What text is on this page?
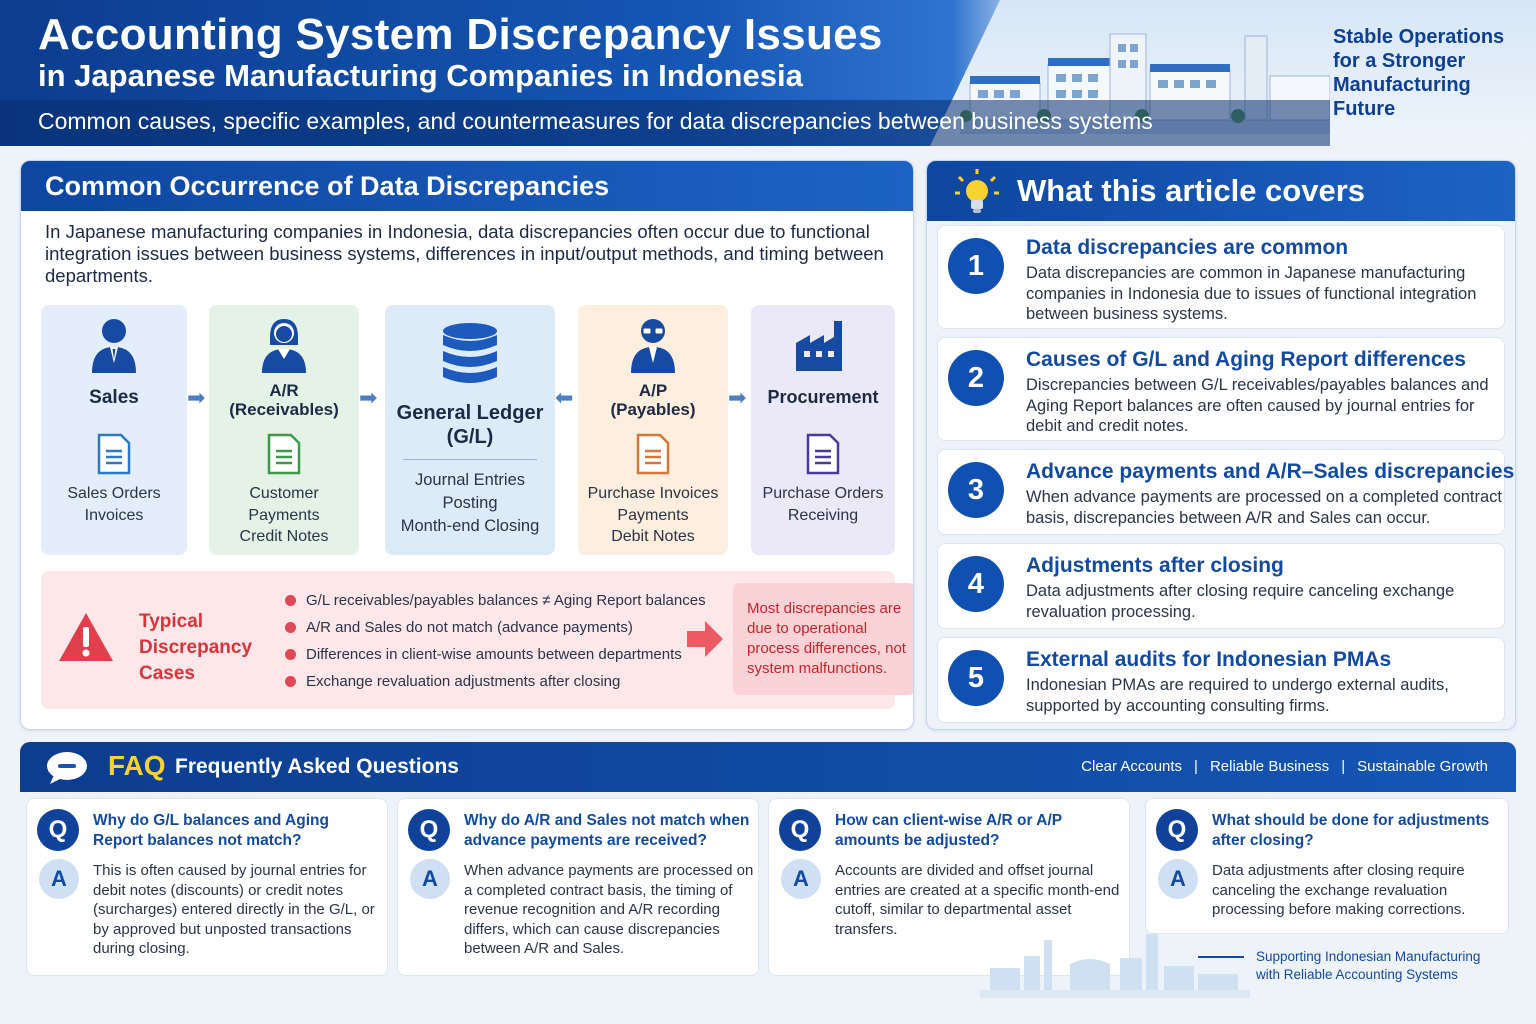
Accounting System Discrepancy Issues
in Japanese Manufacturing Companies in Indonesia
Common causes, specific examples, and countermeasures for data discrepancies between business systems
Stable Operations for a Stronger Manufacturing Future
Common Occurrence of Data Discrepancies
In Japanese manufacturing companies in Indonesia, data discrepancies often occur due to functional integration issues between business systems, differences in input/output methods, and timing between departments.
Sales
Sales Orders
Invoices
➡	A/R
(Receivables)
Customer
Payments
Credit Notes
➡
General Ledger
(G/L)
Journal Entries
Posting
Month-end Closing
⬅	A/P
(Payables)
Purchase Invoices
Payments
Debit Notes
➡	Procurement
Purchase Orders
Receiving
Typical Discrepancy Cases
G/L receivables/payables balances ≠ Aging Report balances
A/R and Sales do not match (advance payments)
Differences in client-wise amounts between departments
Exchange revaluation adjustments after closing
Most discrepancies are due to operational process differences, not system malfunctions.
What this article covers
1
Data discrepancies are common
Data discrepancies are common in Japanese manufacturing companies in Indonesia due to issues of functional integration between business systems.
2
Causes of G/L and Aging Report differences
Discrepancies between G/L receivables/payables balances and Aging Report balances are often caused by journal entries for debit and credit notes.
3
Advance payments and A/R–Sales discrepancies
When advance payments are processed on a completed contract basis, discrepancies between A/R and Sales can occur.
4
Adjustments after closing
Data adjustments after closing require canceling exchange revaluation processing.
5
External audits for Indonesian PMAs
Indonesian PMAs are required to undergo external audits, supported by accounting consulting firms.
FAQ Frequently Asked Questions	Clear Accounts | Reliable Business | Sustainable Growth
Q
A
Why do G/L balances and Aging Report balances not match?
This is often caused by journal entries for debit notes (discounts) or credit notes (surcharges) entered directly in the G/L, or by approved but unposted transactions during closing.
Q
A
Why do A/R and Sales not match when advance payments are received?
When advance payments are processed on a completed contract basis, the timing of revenue recognition and A/R recording differs, which can cause discrepancies between A/R and Sales.
Q
A
How can client-wise A/R or A/P amounts be adjusted?
Accounts are divided and offset journal entries are created at a specific month-end cutoff, similar to departmental asset transfers.
Q
A
What should be done for adjustments after closing?
Data adjustments after closing require canceling the exchange revaluation processing before making corrections.
Supporting Indonesian Manufacturing with Reliable Accounting Systems
